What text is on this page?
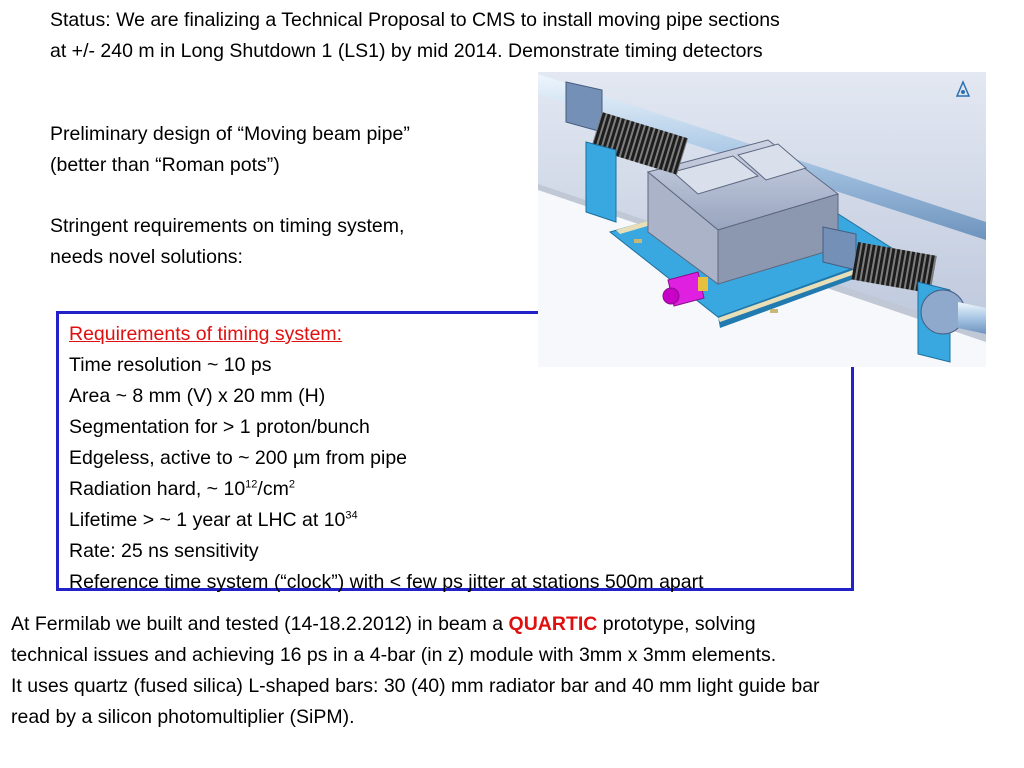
Status: We are finalizing a Technical Proposal to CMS to install moving pipe sections
at +/- 240 m in Long Shutdown 1 (LS1) by mid 2014. Demonstrate timing detectors
Preliminary design of “Moving beam pipe”
(better than “Roman pots”)
Stringent requirements on timing system,
needs novel solutions:
Requirements of timing system:
Time resolution ~ 10 ps
Area ~ 8 mm (V) x 20 mm (H)
Segmentation for > 1 proton/bunch
Edgeless, active to ~ 200 µm from pipe
Radiation hard, ~ $10^{12}/cm^2$
Lifetime > ~ 1 year at LHC at $10^{34}$
Rate: 25 ns sensitivity
Reference time system (“clock”) with < few ps jitter at stations 500m apart
At Fermilab we built and tested (14-18.2.2012) in beam a QUARTIC prototype, solving
technical issues and achieving 16 ps in a 4-bar (in z) module with 3mm x 3mm elements.
It uses quartz (fused silica) L-shaped bars: 30 (40) mm radiator bar and 40 mm light guide bar
read by a silicon photomultiplier (SiPM).
